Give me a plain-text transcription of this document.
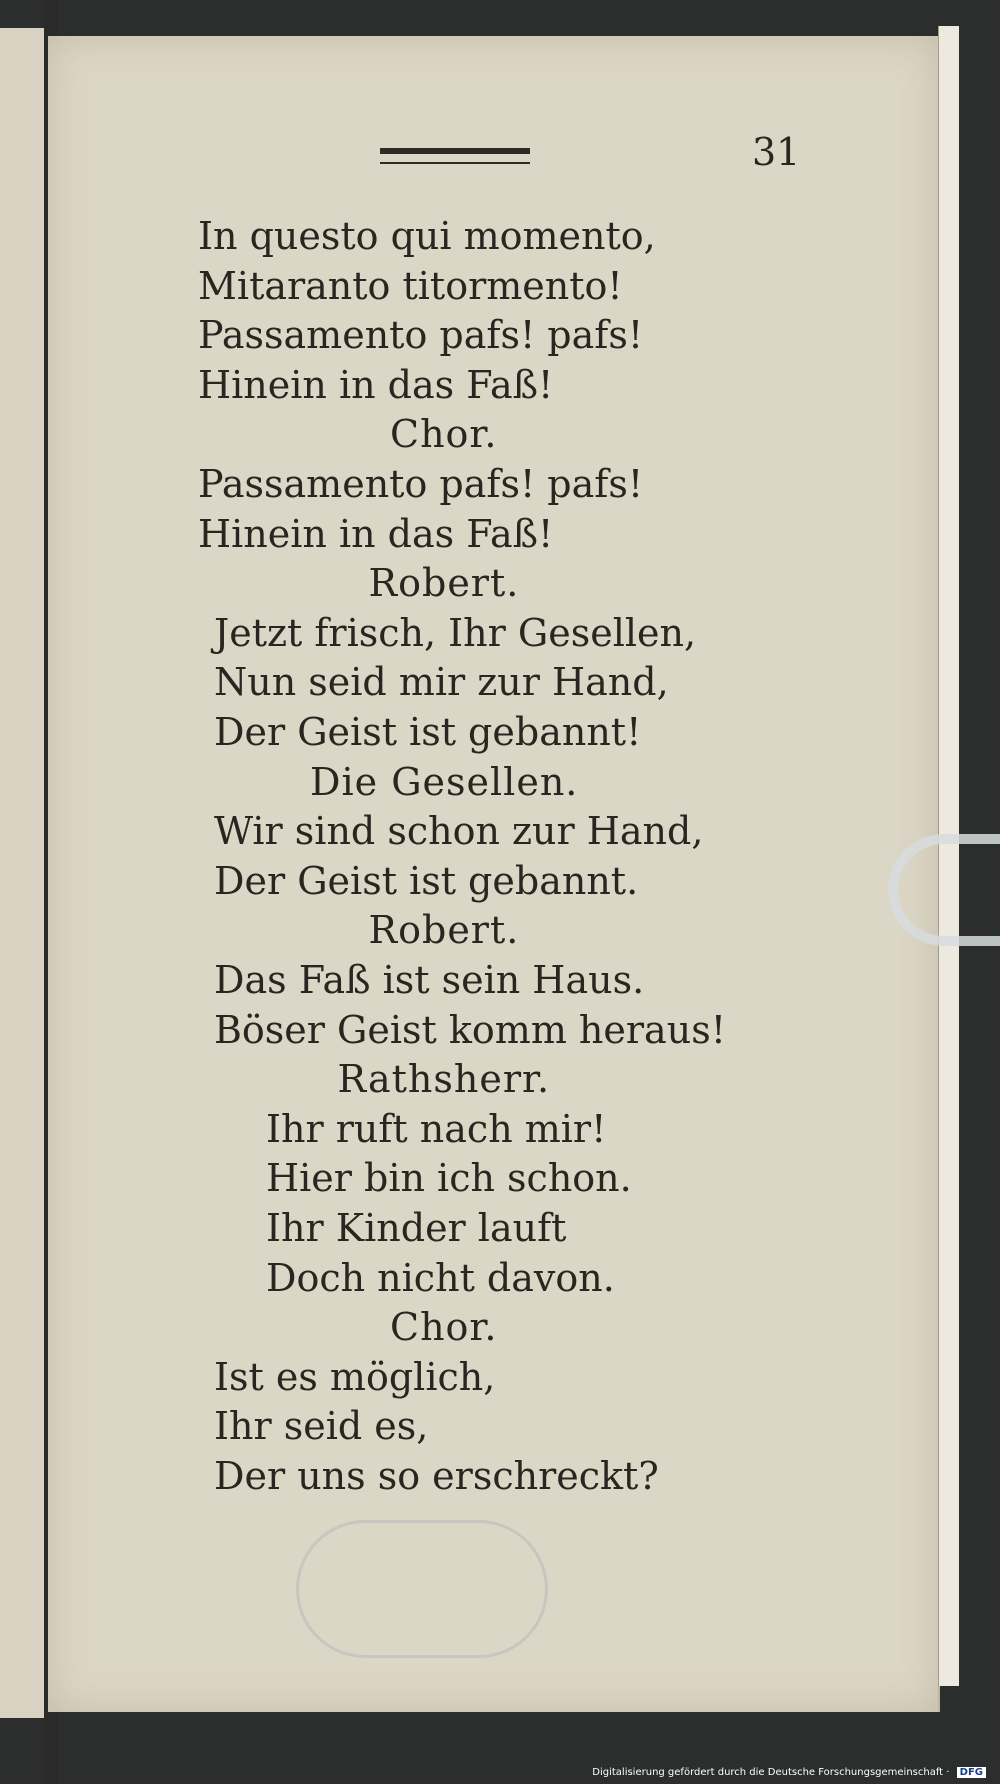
31
In questo qui momento,
Mitaranto titormento!
Passamento pafs! pafs!
Hinein in das Faß!
Chor.
Passamento pafs! pafs!
Hinein in das Faß!
Robert.
Jetzt frisch, Ihr Gesellen,
Nun seid mir zur Hand,
Der Geist ist gebannt!
Die Gesellen.
Wir sind schon zur Hand,
Der Geist ist gebannt.
Robert.
Das Faß ist sein Haus.
Böser Geist komm heraus!
Rathsherr.
Ihr ruft nach mir!
Hier bin ich schon.
Ihr Kinder lauft
Doch nicht davon.
Chor.
Ist es möglich,
Ihr seid es,
Der uns so erschreckt?
Digitalisierung gefördert durch die Deutsche Forschungsgemeinschaft · DFG
